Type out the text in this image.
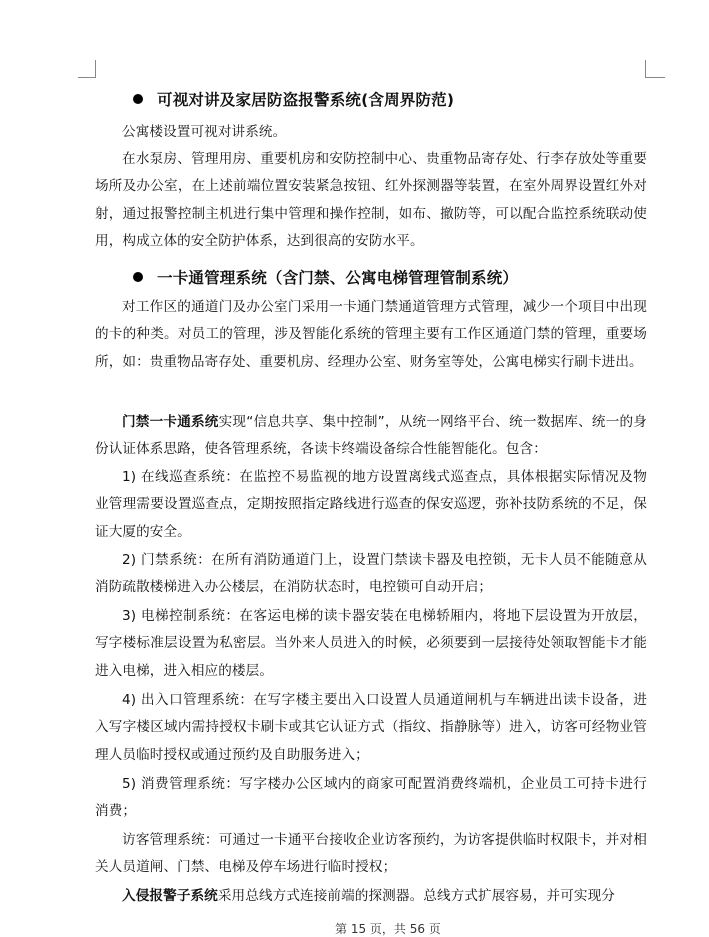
可视对讲及家居防盗报警系统(含周界防范)
公寓楼设置可视对讲系统。
在水泵房、管理用房、重要机房和安防控制中心、贵重物品寄存处、行李存放处等重要场所及办公室，在上述前端位置安装紧急按钮、红外探测器等装置，在室外周界设置红外对射，通过报警控制主机进行集中管理和操作控制，如布、撤防等，可以配合监控系统联动使用，构成立体的安全防护体系，达到很高的安防水平。
一卡通管理系统（含门禁、公寓电梯管理管制系统）
对工作区的通道门及办公室门采用一卡通门禁通道管理方式管理，减少一个项目中出现的卡的种类。对员工的管理，涉及智能化系统的管理主要有工作区通道门禁的管理，重要场所，如：贵重物品寄存处、重要机房、经理办公室、财务室等处，公寓电梯实行刷卡进出。
门禁一卡通系统实现“信息共享、集中控制”，从统一网络平台、统一数据库、统一的身份认证体系思路，使各管理系统，各读卡终端设备综合性能智能化。包含：
1) 在线巡查系统：在监控不易监视的地方设置离线式巡查点，具体根据实际情况及物业管理需要设置巡查点，定期按照指定路线进行巡查的保安巡逻，弥补技防系统的不足，保证大厦的安全。
2) 门禁系统：在所有消防通道门上，设置门禁读卡器及电控锁，无卡人员不能随意从消防疏散楼梯进入办公楼层，在消防状态时，电控锁可自动开启；
3) 电梯控制系统：在客运电梯的读卡器安装在电梯轿厢内，将地下层设置为开放层，写字楼标准层设置为私密层。当外来人员进入的时候，必须要到一层接待处领取智能卡才能进入电梯，进入相应的楼层。
4) 出入口管理系统：在写字楼主要出入口设置人员通道闸机与车辆进出读卡设备，进入写字楼区域内需持授权卡刷卡或其它认证方式（指纹、指静脉等）进入，访客可经物业管理人员临时授权或通过预约及自助服务进入；
5) 消费管理系统：写字楼办公区域内的商家可配置消费终端机，企业员工可持卡进行消费；
访客管理系统：可通过一卡通平台接收企业访客预约，为访客提供临时权限卡，并对相关人员道闸、门禁、电梯及停车场进行临时授权；
入侵报警子系统采用总线方式连接前端的探测器。总线方式扩展容易，并可实现分
第 15 页，共 56 页
